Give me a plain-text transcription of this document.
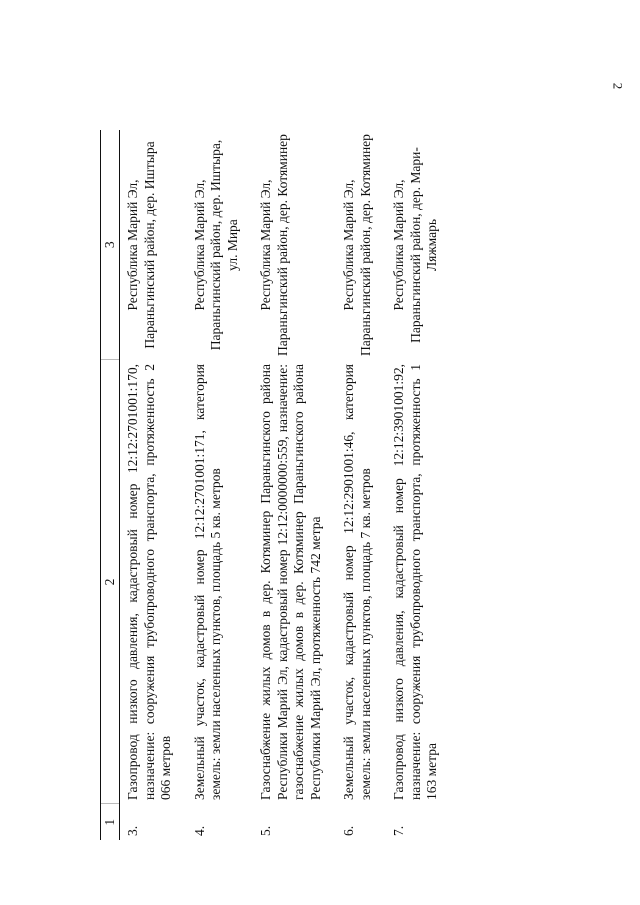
2
1	2	3
3.	Газопровод низкого давления, кадастровый номер 12:12:2701001:170, назначение: сооружения трубопроводного транспорта, протяженность 2 066 метров	Республика Марий Эл, Параньгинский район, дер. Иштыра
4.	Земельный участок, кадастровый номер 12:12:2701001:171, категория земель: земли населенных пунктов, площадь 5 кв. метров	Республика Марий Эл, Параньгинский район, дер. Иштыра, ул. Мира
5.	Газоснабжение жилых домов в дер. Котяминер Параньгинского района Республики Марий Эл, кадастровый номер 12:12:0000000:559, назначение: газоснабжение жилых домов в дер. Котяминер Параньгинского района Республики Марий Эл, протяженность 742 метра	Республика Марий Эл, Параньгинский район, дер. Котяминер
6.	Земельный участок, кадастровый номер 12:12:2901001:46, категория земель: земли населенных пунктов, площадь 7 кв. метров	Республика Марий Эл, Параньгинский район, дер. Котяминер
7.	Газопровод низкого давления, кадастровый номер 12:12:3901001:92, назначение: сооружения трубопроводного транспорта, протяженность 1 163 метра	Республика Марий Эл, Параньгинский район, дер. Мари-Ляжмарь
